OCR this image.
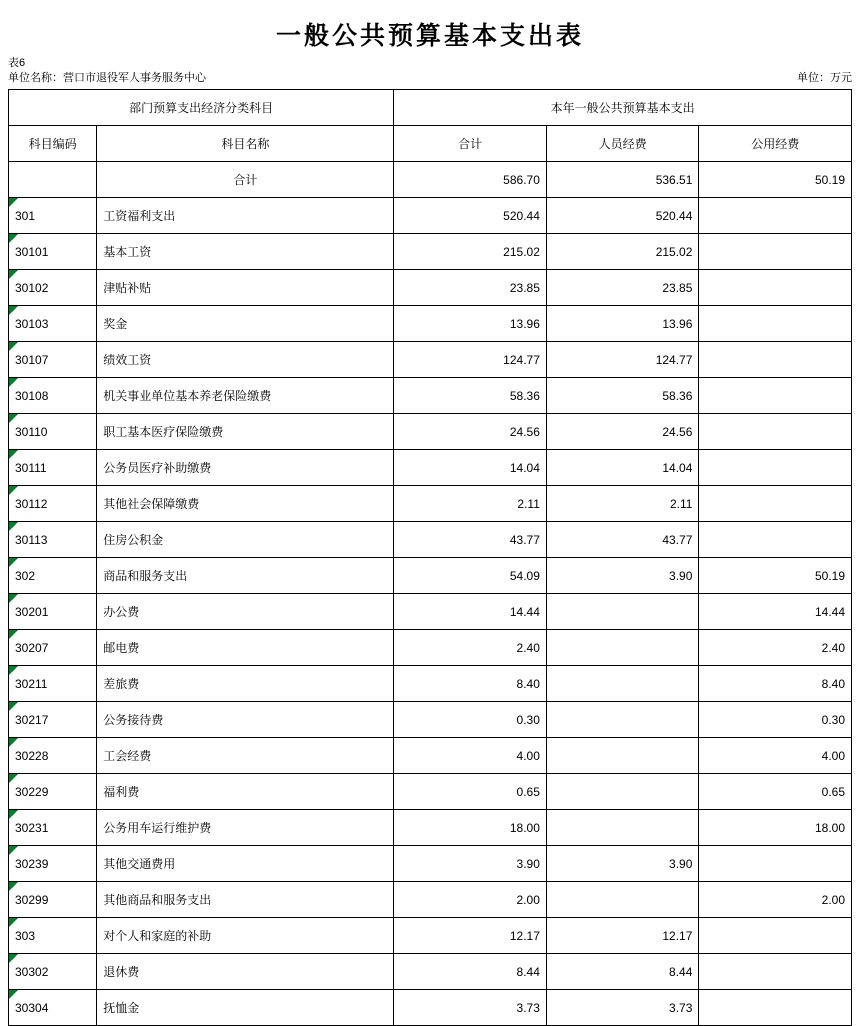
一般公共预算基本支出表
表6
单位名称：营口市退役军人事务服务中心	单位：万元
部门预算支出经济分类科目		本年一般公共预算基本支出		
科目编码	科目名称	合计	人员经费	公用经费
	合计	586.70	536.51	50.19
301	工资福利支出	520.44	520.44	
30101	基本工资	215.02	215.02	
30102	津贴补贴	23.85	23.85	
30103	奖金	13.96	13.96	
30107	绩效工资	124.77	124.77	
30108	机关事业单位基本养老保险缴费	58.36	58.36	
30110	职工基本医疗保险缴费	24.56	24.56	
30111	公务员医疗补助缴费	14.04	14.04	
30112	其他社会保障缴费	2.11	2.11	
30113	住房公积金	43.77	43.77	
302	商品和服务支出	54.09	3.90	50.19
30201	办公费	14.44		14.44
30207	邮电费	2.40		2.40
30211	差旅费	8.40		8.40
30217	公务接待费	0.30		0.30
30228	工会经费	4.00		4.00
30229	福利费	0.65		0.65
30231	公务用车运行维护费	18.00		18.00
30239	其他交通费用	3.90	3.90	
30299	其他商品和服务支出	2.00		2.00
303	对个人和家庭的补助	12.17	12.17	
30302	退休费	8.44	8.44	
30304	抚恤金	3.73	3.73	
